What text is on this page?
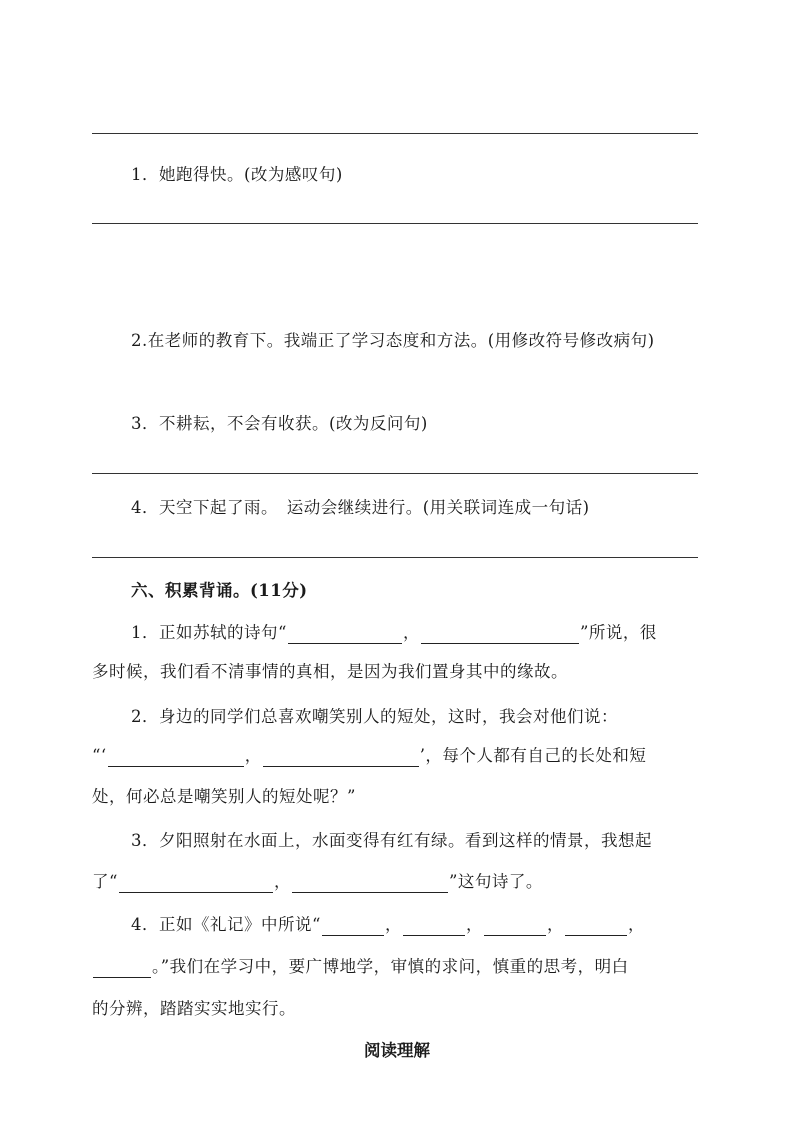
1．她跑得快。(改为感叹句)
2.在老师的教育下。我端正了学习态度和方法。(用修改符号修改病句)
3．不耕耘，不会有收获。(改为反问句)
4．天空下起了雨。　运动会继续进行。(用关联词连成一句话)
六、积累背诵。(11分)
1．正如苏轼的诗句“	，	”所说，很
多时候，我们看不清事情的真相，是因为我们置身其中的缘故。
2．身边的同学们总喜欢嘲笑别人的短处，这时，我会对他们说：
“‘	，	’，每个人都有自己的长处和短
处，何必总是嘲笑别人的短处呢？”
3．夕阳照射在水面上，水面变得有红有绿。看到这样的情景，我想起
了“	，	”这句诗了。
4．正如《礼记》中所说“	，	，	，	，
。”我们在学习中，要广博地学，审慎的求问，慎重的思考，明白
的分辨，踏踏实实地实行。
阅读理解
